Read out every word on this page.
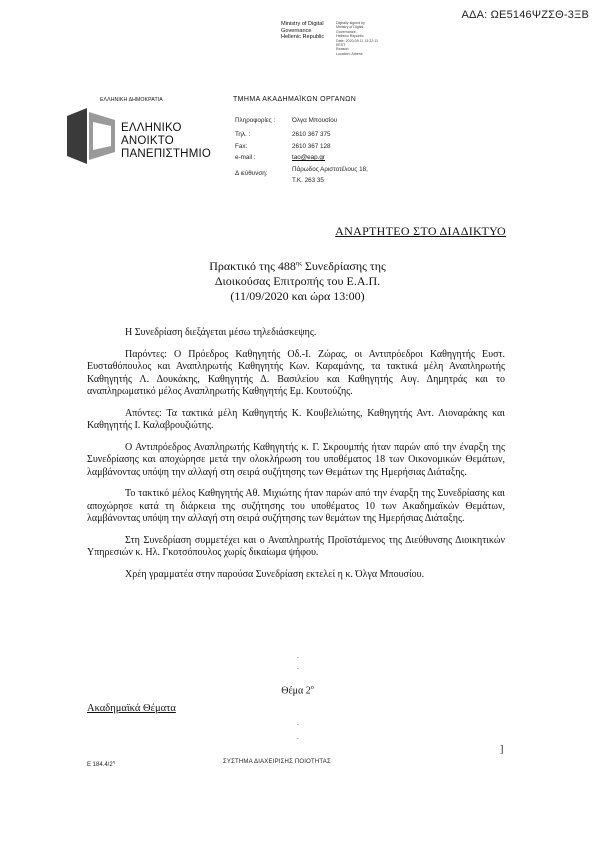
ΑΔΑ: ΩΕ5146ΨΖΣΘ-3ΞΒ
Ministry of Digital
Governance
Hellenic Republic
Digitally signed by
Ministry of Digital
Governance,
Hellenic Republic
Date: 2020.09.11 13:22:11
EEST
Reason:
Location: Athens
ΕΛΛΗΝΙΚΗ ΔΗΜΟΚΡΑΤΙΑ	ΤΜΗΜΑ ΑΚΑΔΗΜΑΪΚΩΝ ΟΡΓΑΝΩΝ
ΕΛΛΗΝΙΚΟ
ΑΝΟΙΚΤΟ
ΠΑΝΕΠΙΣΤΗΜΙΟ
Πληροφορίες :	Όλγα Μπουσίου
Τηλ. :	2610 367 375
Fax:	2610 367 128
e-mail :	tao@eap.gr
Δ ιεύθυνση:
Πάρωδος Αριστοτέλους 18,
Τ.Κ. 263 35
ΑΝΑΡΤΗΤΕΟ ΣΤΟ ΔΙΑΔΙΚΤΥΟ
Πρακτικό της $488^{\eta\varsigma}$ Συνεδρίασης της
Διοικούσας Επιτροπής του Ε.Α.Π.
(11/09/2020 και ώρα 13:00)

Η Συνεδρίαση διεξάγεται μέσω τηλεδιάσκεψης.

Παρόντες: Ο Πρόεδρος Καθηγητής Οδ.-Ι. Ζώρας, οι Αντιπρόεδροι Καθηγητής Ευστ. Ευσταθόπουλος και Αναπληρωτής Καθηγητής Κων. Καραμάνης, τα τακτικά μέλη Αναπληρωτής Καθηγητής Λ. Δουκάκης, Καθηγητής Δ. Βασιλείου και Καθηγητής Αυγ. Δημητράς και το αναπληρωματικό μέλος Αναπληρωτής Καθηγητής Εμ. Κουτούζης.

Απόντες: Τα τακτικά μέλη Καθηγητής Κ. Κουβελιώτης, Καθηγητής Αντ. Λιοναράκης και Καθηγητής Ι. Καλαβρουζιώτης.

Ο Αντιπρόεδρος Αναπληρωτής Καθηγητής κ. Γ. Σκρουμπής ήταν παρών από την έναρξη της Συνεδρίασης και αποχώρησε μετά την ολοκλήρωση του υποθέματος 18 των Οικονομικών Θεμάτων, λαμβάνοντας υπόψη την αλλαγή στη σειρά συζήτησης των Θεμάτων της Ημερήσιας Διάταξης.

Το τακτικό μέλος Καθηγητής Αθ. Μιχιώτης ήταν παρών από την έναρξη της Συνεδρίασης και αποχώρησε κατά τη διάρκεια της συζήτησης του υποθέματος 10 των Ακαδημαϊκών Θεμάτων, λαμβάνοντας υπόψη την αλλαγή στη σειρά συζήτησης των θεμάτων της Ημερήσιας Διάταξης.

Στη Συνεδρίαση συμμετέχει και ο Αναπληρωτής Προϊστάμενος της Διεύθυνσης Διοικητικών Υπηρεσιών κ. Ηλ. Γκοτσόπουλος χωρίς δικαίωμα ψήφου.

Χρέη γραμματέα στην παρούσα Συνεδρίαση εκτελεί η κ. Όλγα Μπουσίου.

.
.
Θέμα $2^o$
Ακαδημαϊκά Θέματα
.
.
]
Ε $184.4/2^\eta$	ΣΥΣΤΗΜΑ ΔΙΑΧΕΙΡΙΣΗΣ ΠΟΙΟΤΗΤΑΣ
